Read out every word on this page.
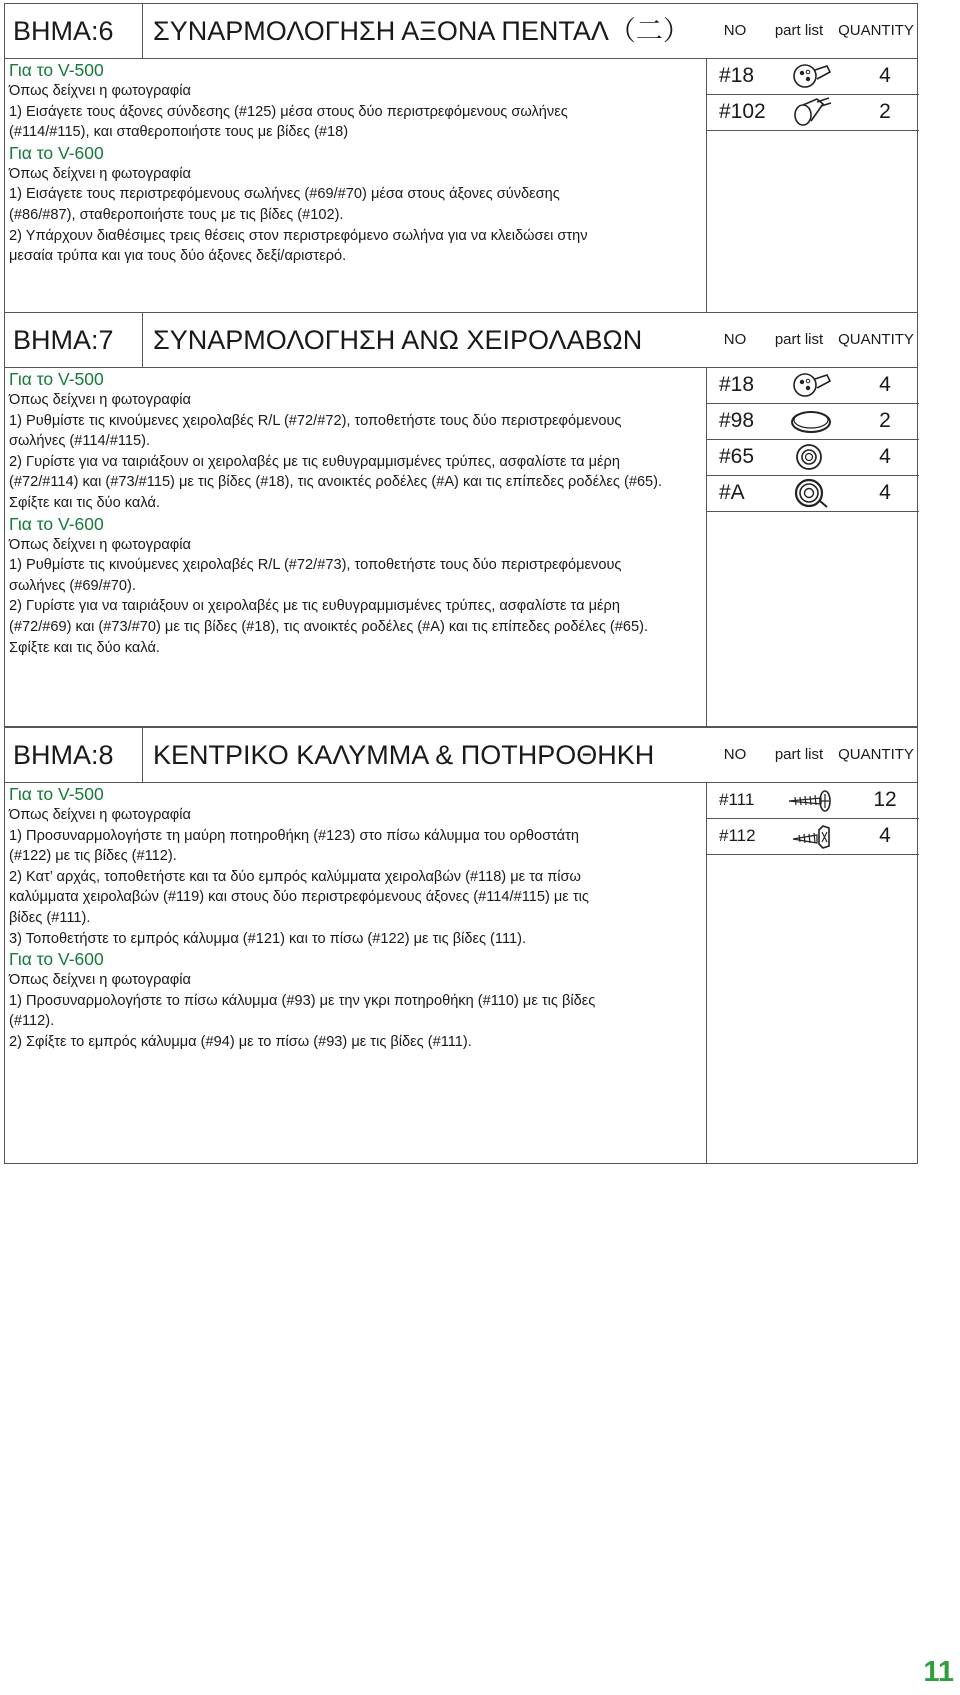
ΒΗΜΑ:6	ΣΥΝΑΡΜΟΛΟΓΗΣΗ ΑΞΟΝΑ ΠΕΝΤΑΛ（二）	NO	part list QUANTITY
#18	4
#102	2
Για το V-500
Όπως δείχνει η φωτογραφία
1) Εισάγετε τους άξονες σύνδεσης (#125) μέσα στους δύο περιστρεφόμενους σωλήνες
(#114/#115), και σταθεροποιήστε τους με βίδες (#18)
Για το V-600
Όπως δείχνει η φωτογραφία
1) Εισάγετε τους περιστρεφόμενους σωλήνες (#69/#70) μέσα στους άξονες σύνδεσης
(#86/#87), σταθεροποιήστε τους με τις βίδες (#102).
2) Υπάρχουν διαθέσιμες τρεις θέσεις στον περιστρεφόμενο σωλήνα για να κλειδώσει στην
μεσαία τρύπα και για τους δύο άξονες δεξί/αριστερό.
ΒΗΜΑ:7	ΣΥΝΑΡΜΟΛΟΓΗΣΗ ΑΝΩ ΧΕΙΡΟΛΑΒΩΝ	NO	part list QUANTITY
#18	4
#98	2
#65	4
#A	4
Για το V-500
Όπως δείχνει η φωτογραφία
1) Ρυθμίστε τις κινούμενες χειρολαβές R/L (#72/#72), τοποθετήστε τους δύο περιστρεφόμενους
σωλήνες (#114/#115).
2) Γυρίστε για να ταιριάξουν οι χειρολαβές με τις ευθυγραμμισμένες τρύπες, ασφαλίστε τα μέρη
(#72/#114) και (#73/#115) με τις βίδες (#18), τις ανοικτές ροδέλες (#A) και τις επίπεδες ροδέλες (#65).
Σφίξτε και τις δύο καλά.
Για το V-600
Όπως δείχνει η φωτογραφία
1) Ρυθμίστε τις κινούμενες χειρολαβές R/L (#72/#73), τοποθετήστε τους δύο περιστρεφόμενους
σωλήνες (#69/#70).
2) Γυρίστε για να ταιριάξουν οι χειρολαβές με τις ευθυγραμμισμένες τρύπες, ασφαλίστε τα μέρη
(#72/#69) και (#73/#70) με τις βίδες (#18), τις ανοικτές ροδέλες (#A) και τις επίπεδες ροδέλες (#65).
Σφίξτε και τις δύο καλά.
ΒΗΜΑ:8	ΚΕΝΤΡΙΚΟ ΚΑΛΥΜΜΑ & ΠΟΤΗΡΟΘΗΚΗ	NO	part list QUANTITY
#111	12
#112	4
Για το V-500
Όπως δείχνει η φωτογραφία
1) Προσυναρμολογήστε τη μαύρη ποτηροθήκη (#123) στο πίσω κάλυμμα του ορθοστάτη
(#122) με τις βίδες (#112).
2) Κατ’ αρχάς, τοποθετήστε και τα δύο εμπρός καλύμματα χειρολαβών (#118) με τα πίσω
καλύμματα χειρολαβών (#119) και στους δύο περιστρεφόμενους άξονες (#114/#115) με τις
βίδες (#111).
3) Τοποθετήστε το εμπρός κάλυμμα (#121) και το πίσω (#122) με τις βίδες (111).
Για το V-600
Όπως δείχνει η φωτογραφία
1) Προσυναρμολογήστε το πίσω κάλυμμα (#93) με την γκρι ποτηροθήκη (#110) με τις βίδες
(#112).
2) Σφίξτε το εμπρός κάλυμμα (#94) με το πίσω (#93) με τις βίδες (#111).
11
